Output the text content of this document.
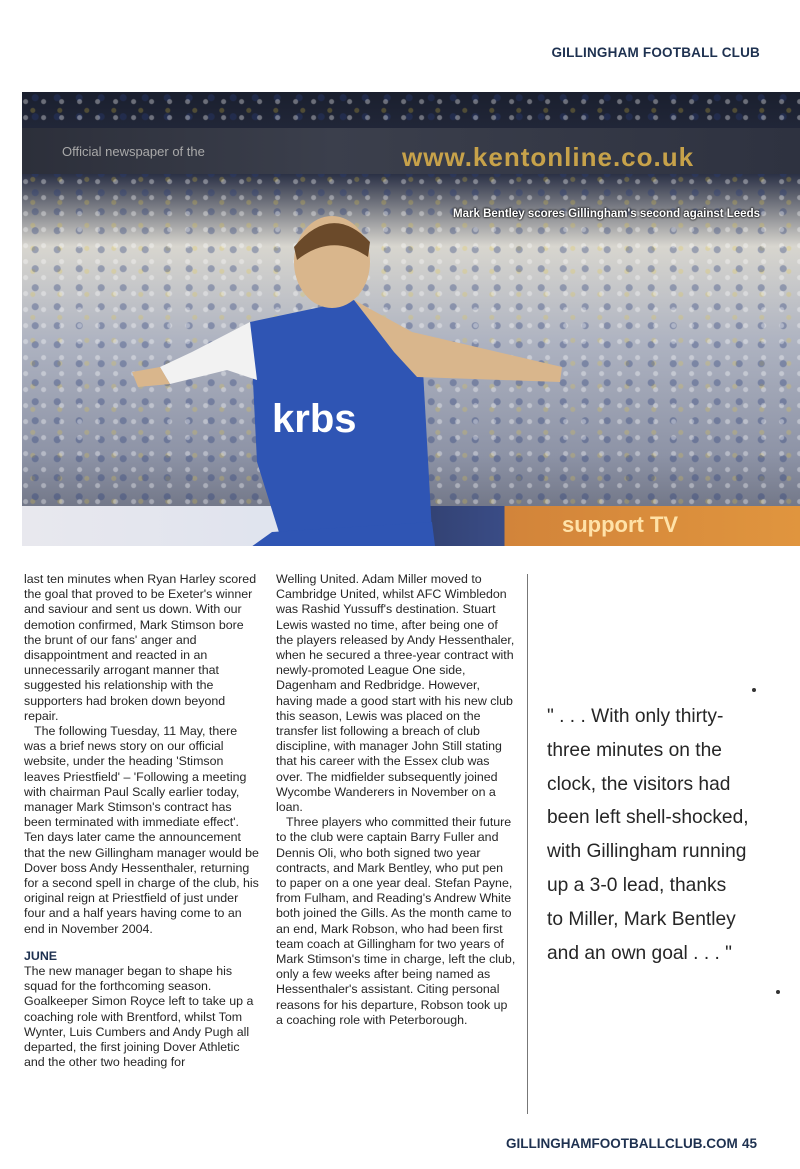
GILLINGHAM FOOTBALL CLUB
Official newspaper of the	www.kentonline.co.uk
support TV
krbs
Mark Bentley scores Gillingham's second against Leeds

last ten minutes when Ryan Harley scored the goal that proved to be Exeter's winner and saviour and sent us down. With our demotion confirmed, Mark Stimson bore the brunt of our fans' anger and disappointment and reacted in an unnecessarily arrogant manner that suggested his relationship with the supporters had broken down beyond repair.

The following Tuesday, 11 May, there was a brief news story on our official website, under the heading 'Stimson leaves Priestfield' – 'Following a meeting with chairman Paul Scally earlier today, manager Mark Stimson's contract has been terminated with immediate effect'. Ten days later came the announcement that the new Gillingham manager would be Dover boss Andy Hessenthaler, returning for a second spell in charge of the club, his original reign at Priestfield of just under four and a half years having come to an end in November 2004.

JUNE

The new manager began to shape his squad for the forthcoming season. Goalkeeper Simon Royce left to take up a coaching role with Brentford, whilst Tom Wynter, Luis Cumbers and Andy Pugh all departed, the first joining Dover Athletic and the other two heading for

Welling United. Adam Miller moved to Cambridge United, whilst AFC Wimbledon was Rashid Yussuff's destination. Stuart Lewis wasted no time, after being one of the players released by Andy Hessenthaler, when he secured a three-year contract with newly-promoted League One side, Dagenham and Redbridge. However, having made a good start with his new club this season, Lewis was placed on the transfer list following a breach of club discipline, with manager John Still stating that his career with the Essex club was over. The midfielder subsequently joined Wycombe Wanderers in November on a loan.

Three players who committed their future to the club were captain Barry Fuller and Dennis Oli, who both signed two year contracts, and Mark Bentley, who put pen to paper on a one year deal. Stefan Payne, from Fulham, and Reading's Andrew White both joined the Gills. As the month came to an end, Mark Robson, who had been first team coach at Gillingham for two years of Mark Stimson's time in charge, left the club, only a few weeks after being named as Hessenthaler's assistant. Citing personal reasons for his departure, Robson took up a coaching role with Peterborough.

" . . . With only thirty-
three minutes on the
clock, the visitors had
been left shell-shocked,
with Gillingham running
up a 3-0 lead, thanks
to Miller, Mark Bentley
and an own goal . . . "
GILLINGHAMFOOTBALLCLUB.COM 45
